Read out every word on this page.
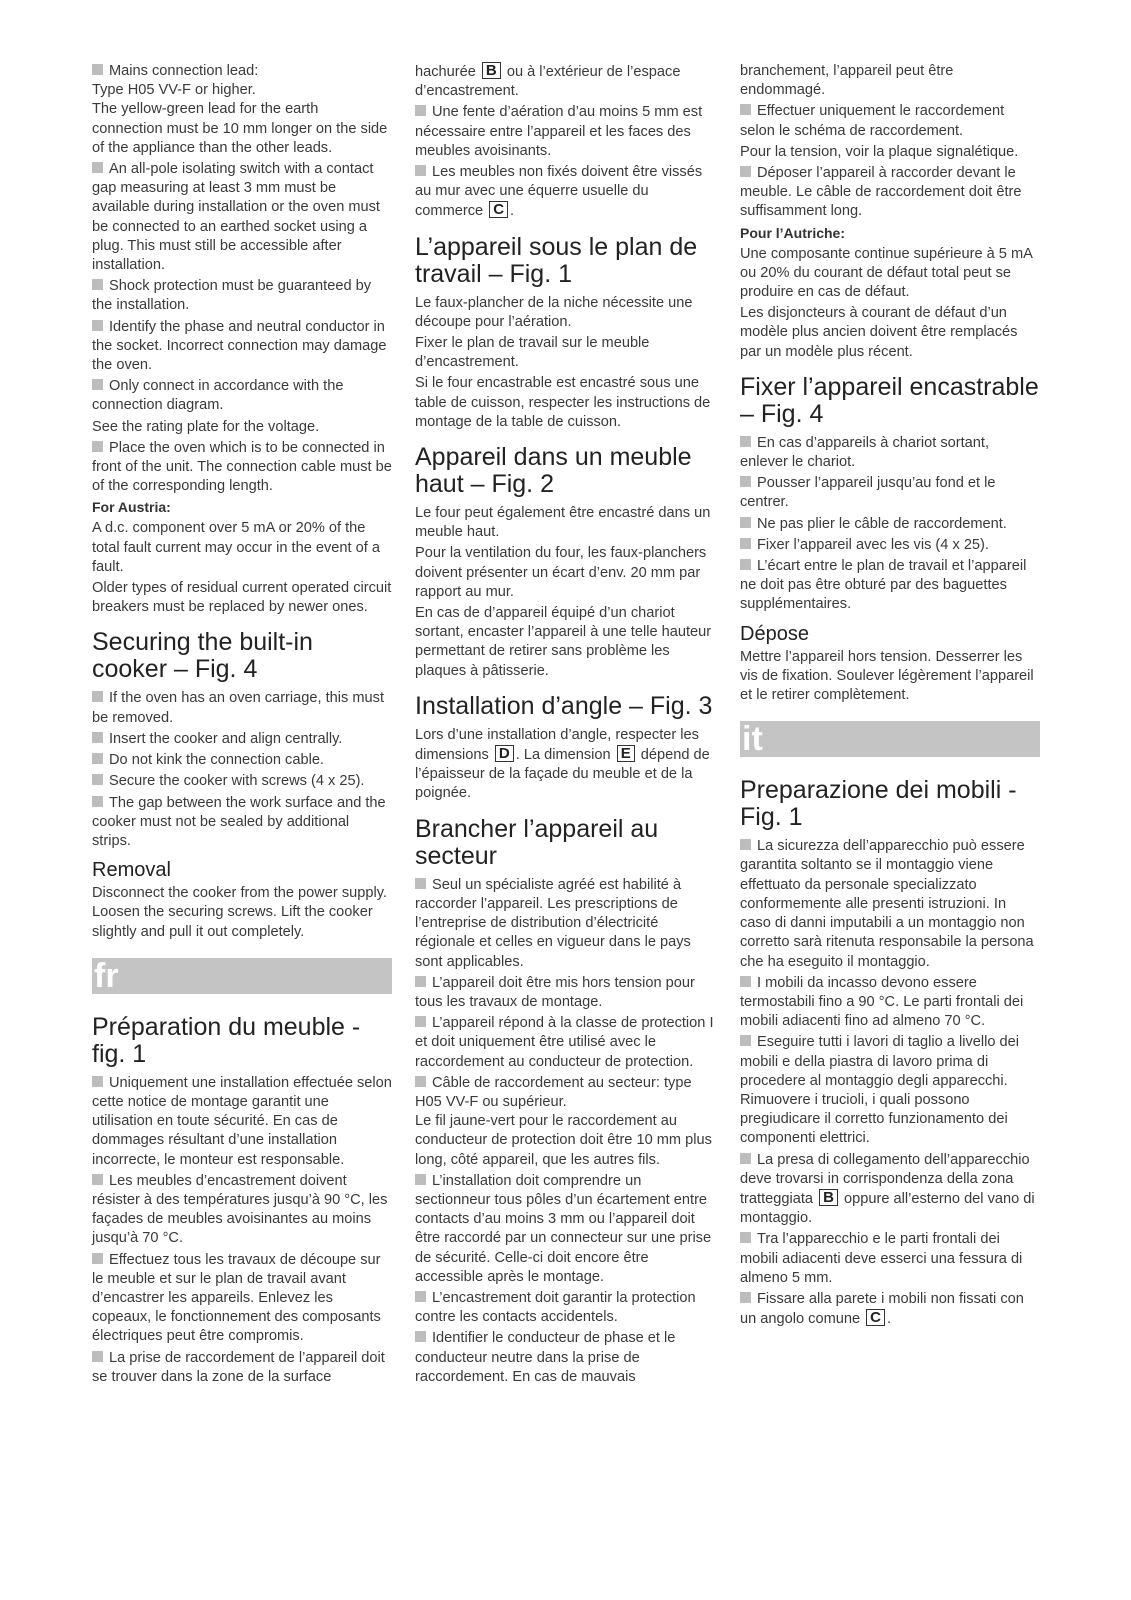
Mains connection lead:
Type H05 VV-F or higher.
The yellow-green lead for the earth connection must be 10 mm longer on the side of the appliance than the other leads.

An all-pole isolating switch with a contact gap measuring at least 3 mm must be available during installation or the oven must be connected to an earthed socket using a plug. This must still be accessible after installation.

Shock protection must be guaranteed by the installation.

Identify the phase and neutral conductor in the socket. Incorrect connection may damage the oven.

Only connect in accordance with the connection diagram.

See the rating plate for the voltage.

Place the oven which is to be connected in front of the unit. The connection cable must be of the corresponding length.

For Austria:

A d.c. component over 5 mA or 20% of the total fault current may occur in the event of a fault.

Older types of residual current operated circuit breakers must be replaced by newer ones.

Securing the built-in cooker – Fig. 4

If the oven has an oven carriage, this must be removed.

Insert the cooker and align centrally.

Do not kink the connection cable.

Secure the cooker with screws (4 x 25).

The gap between the work surface and the cooker must not be sealed by additional strips.

Removal

Disconnect the cooker from the power supply. Loosen the securing screws. Lift the cooker slightly and pull it out completely.

fr
Préparation du meuble - fig. 1

Uniquement une installation effectuée selon cette notice de montage garantit une utilisation en toute sécurité. En cas de dommages résultant d’une installation incorrecte, le monteur est responsable.

Les meubles d’encastrement doivent résister à des températures jusqu’à 90 °C, les façades de meubles avoisinantes au moins jusqu’à 70 °C.

Effectuez tous les travaux de découpe sur le meuble et sur le plan de travail avant d’encastrer les appareils. Enlevez les copeaux, le fonctionnement des composants électriques peut être compromis.

La prise de raccordement de l’appareil doit se trouver dans la zone de la surface

hachurée B ou à l’extérieur de l’espace d’encastrement.

Une fente d’aération d’au moins 5 mm est nécessaire entre l’appareil et les faces des meubles avoisinants.

Les meubles non fixés doivent être vissés au mur avec une équerre usuelle du commerce C .

L’appareil sous le plan de travail – Fig. 1

Le faux-plancher de la niche nécessite une découpe pour l’aération.

Fixer le plan de travail sur le meuble d’encastrement.

Si le four encastrable est encastré sous une table de cuisson, respecter les instructions de montage de la table de cuisson.

Appareil dans un meuble haut – Fig. 2

Le four peut également être encastré dans un meuble haut.

Pour la ventilation du four, les faux-planchers doivent présenter un écart d’env. 20 mm par rapport au mur.

En cas de d’appareil équipé d’un chariot sortant, encaster l’appareil à une telle hauteur permettant de retirer sans problème les plaques à pâtisserie.

Installation d’angle – Fig. 3

Lors d’une installation d’angle, respecter les dimensions D . La dimension E dépend de l’épaisseur de la façade du meuble et de la poignée.

Brancher l’appareil au secteur

Seul un spécialiste agréé est habilité à raccorder l’appareil. Les prescriptions de l’entreprise de distribution d’électricité régionale et celles en vigueur dans le pays sont applicables.

L’appareil doit être mis hors tension pour tous les travaux de montage.

L’appareil répond à la classe de protection I et doit uniquement être utilisé avec le raccordement au conducteur de protection.

Câble de raccordement au secteur: type H05 VV-F ou supérieur.
Le fil jaune-vert pour le raccordement au conducteur de protection doit être 10 mm plus long, côté appareil, que les autres fils.

L’installation doit comprendre un sectionneur tous pôles d’un écartement entre contacts d’au moins 3 mm ou l’appareil doit être raccordé par un connecteur sur une prise de sécurité. Celle-ci doit encore être accessible après le montage.

L’encastrement doit garantir la protection contre les contacts accidentels.

Identifier le conducteur de phase et le conducteur neutre dans la prise de raccordement. En cas de mauvais

branchement, l’appareil peut être endommagé.

Effectuer uniquement le raccordement selon le schéma de raccordement.

Pour la tension, voir la plaque signalétique.

Déposer l’appareil à raccorder devant le meuble. Le câble de raccordement doit être suffisamment long.

Pour l’Autriche:

Une composante continue supérieure à 5 mA ou 20% du courant de défaut total peut se produire en cas de défaut.

Les disjoncteurs à courant de défaut d’un modèle plus ancien doivent être remplacés par un modèle plus récent.

Fixer l’appareil encastrable – Fig. 4

En cas d’appareils à chariot sortant, enlever le chariot.

Pousser l’appareil jusqu’au fond et le centrer.

Ne pas plier le câble de raccordement.

Fixer l’appareil avec les vis (4 x 25).

L’écart entre le plan de travail et l’appareil ne doit pas être obturé par des baguettes supplémentaires.

Dépose

Mettre l’appareil hors tension. Desserrer les vis de fixation. Soulever légèrement l’appareil et le retirer complètement.

it
Preparazione dei mobili - Fig. 1

La sicurezza dell’apparecchio può essere garantita soltanto se il montaggio viene effettuato da personale specializzato conformemente alle presenti istruzioni. In caso di danni imputabili a un montaggio non corretto sarà ritenuta responsabile la persona che ha eseguito il montaggio.

I mobili da incasso devono essere termostabili fino a 90 °C. Le parti frontali dei mobili adiacenti fino ad almeno 70 °C.

Eseguire tutti i lavori di taglio a livello dei mobili e della piastra di lavoro prima di procedere al montaggio degli apparecchi. Rimuovere i trucioli, i quali possono pregiudicare il corretto funzionamento dei componenti elettrici.

La presa di collegamento dell’apparecchio deve trovarsi in corrispondenza della zona
tratteggiata B oppure all’esterno del vano di montaggio.

Tra l’apparecchio e le parti frontali dei mobili adiacenti deve esserci una fessura di almeno 5 mm.

Fissare alla parete i mobili non fissati con un angolo comune C .
